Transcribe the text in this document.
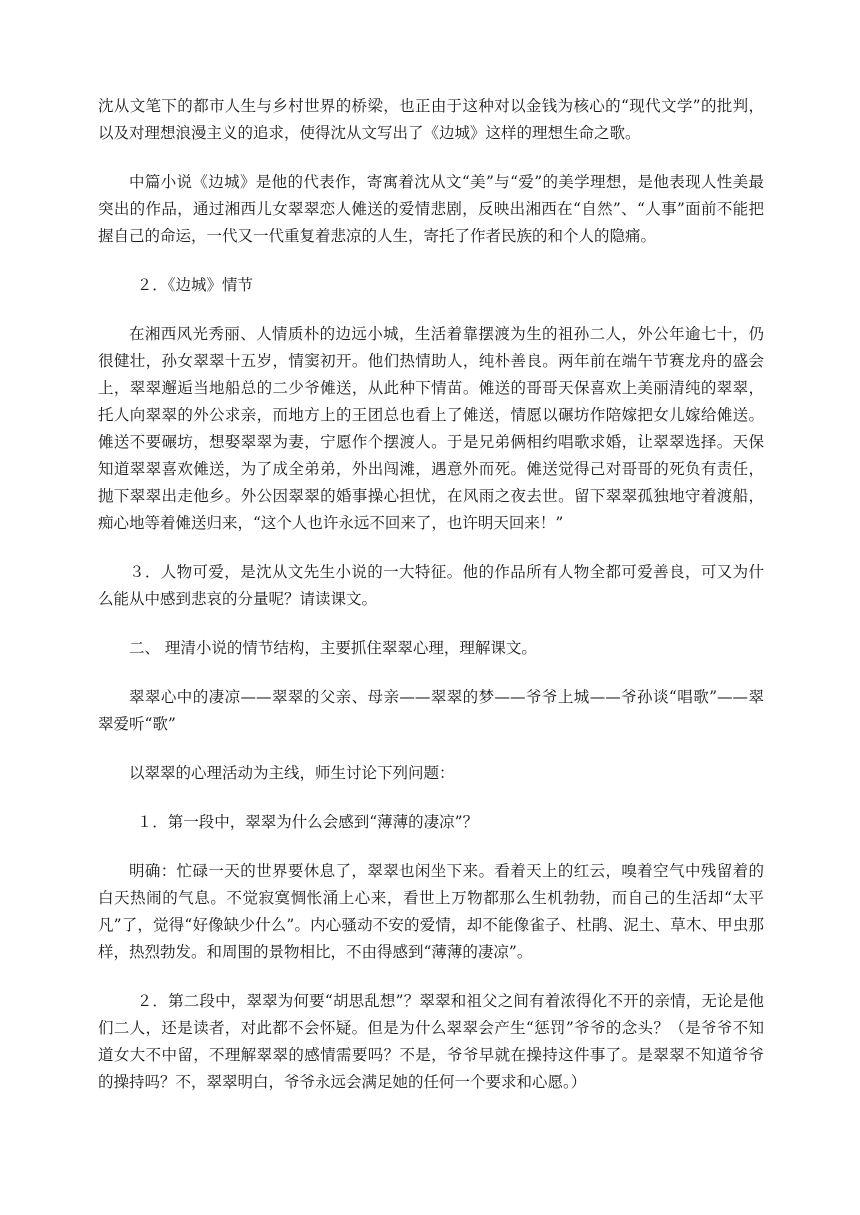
沈从文笔下的都市人生与乡村世界的桥梁，也正由于这种对以金钱为核心的“现代文学”的批判，以及对理想浪漫主义的追求，使得沈从文写出了《边城》这样的理想生命之歌。

中篇小说《边城》是他的代表作，寄寓着沈从文“美”与“爱”的美学理想，是他表现人性美最突出的作品，通过湘西儿女翠翠恋人傩送的爱情悲剧，反映出湘西在“自然”、“人事”面前不能把握自己的命运，一代又一代重复着悲凉的人生，寄托了作者民族的和个人的隐痛。

２．《边城》情节

在湘西风光秀丽、人情质朴的边远小城，生活着靠摆渡为生的祖孙二人，外公年逾七十，仍很健壮，孙女翠翠十五岁，情窦初开。他们热情助人，纯朴善良。两年前在端午节赛龙舟的盛会上，翠翠邂逅当地船总的二少爷傩送，从此种下情苗。傩送的哥哥天保喜欢上美丽清纯的翠翠，托人向翠翠的外公求亲，而地方上的王团总也看上了傩送，情愿以碾坊作陪嫁把女儿嫁给傩送。傩送不要碾坊，想娶翠翠为妻，宁愿作个摆渡人。于是兄弟俩相约唱歌求婚，让翠翠选择。天保知道翠翠喜欢傩送，为了成全弟弟，外出闯滩，遇意外而死。傩送觉得己对哥哥的死负有责任，抛下翠翠出走他乡。外公因翠翠的婚事操心担忧，在风雨之夜去世。留下翠翠孤独地守着渡船，痴心地等着傩送归来，“这个人也许永远不回来了，也许明天回来！”

３．人物可爱，是沈从文先生小说的一大特征。他的作品所有人物全都可爱善良，可又为什么能从中感到悲哀的分量呢？请读课文。

二、 理清小说的情节结构，主要抓住翠翠心理，理解课文。

翠翠心中的凄凉——翠翠的父亲、母亲——翠翠的梦——爷爷上城——爷孙谈“唱歌”——翠翠爱听“歌”

以翠翠的心理活动为主线，师生讨论下列问题：

１．第一段中，翠翠为什么会感到“薄薄的凄凉”？

明确：忙碌一天的世界要休息了，翠翠也闲坐下来。看着天上的红云，嗅着空气中残留着的白天热闹的气息。不觉寂寞惆怅涌上心来，看世上万物都那么生机勃勃，而自己的生活却“太平凡”了，觉得“好像缺少什么”。内心骚动不安的爱情，却不能像雀子、杜鹃、泥土、草木、甲虫那样，热烈勃发。和周围的景物相比，不由得感到“薄薄的凄凉”。

２．第二段中，翠翠为何要“胡思乱想”？翠翠和祖父之间有着浓得化不开的亲情，无论是他们二人，还是读者，对此都不会怀疑。但是为什么翠翠会产生“惩罚”爷爷的念头？（是爷爷不知道女大不中留，不理解翠翠的感情需要吗？不是，爷爷早就在操持这件事了。是翠翠不知道爷爷的操持吗？不，翠翠明白，爷爷永远会满足她的任何一个要求和心愿。）
